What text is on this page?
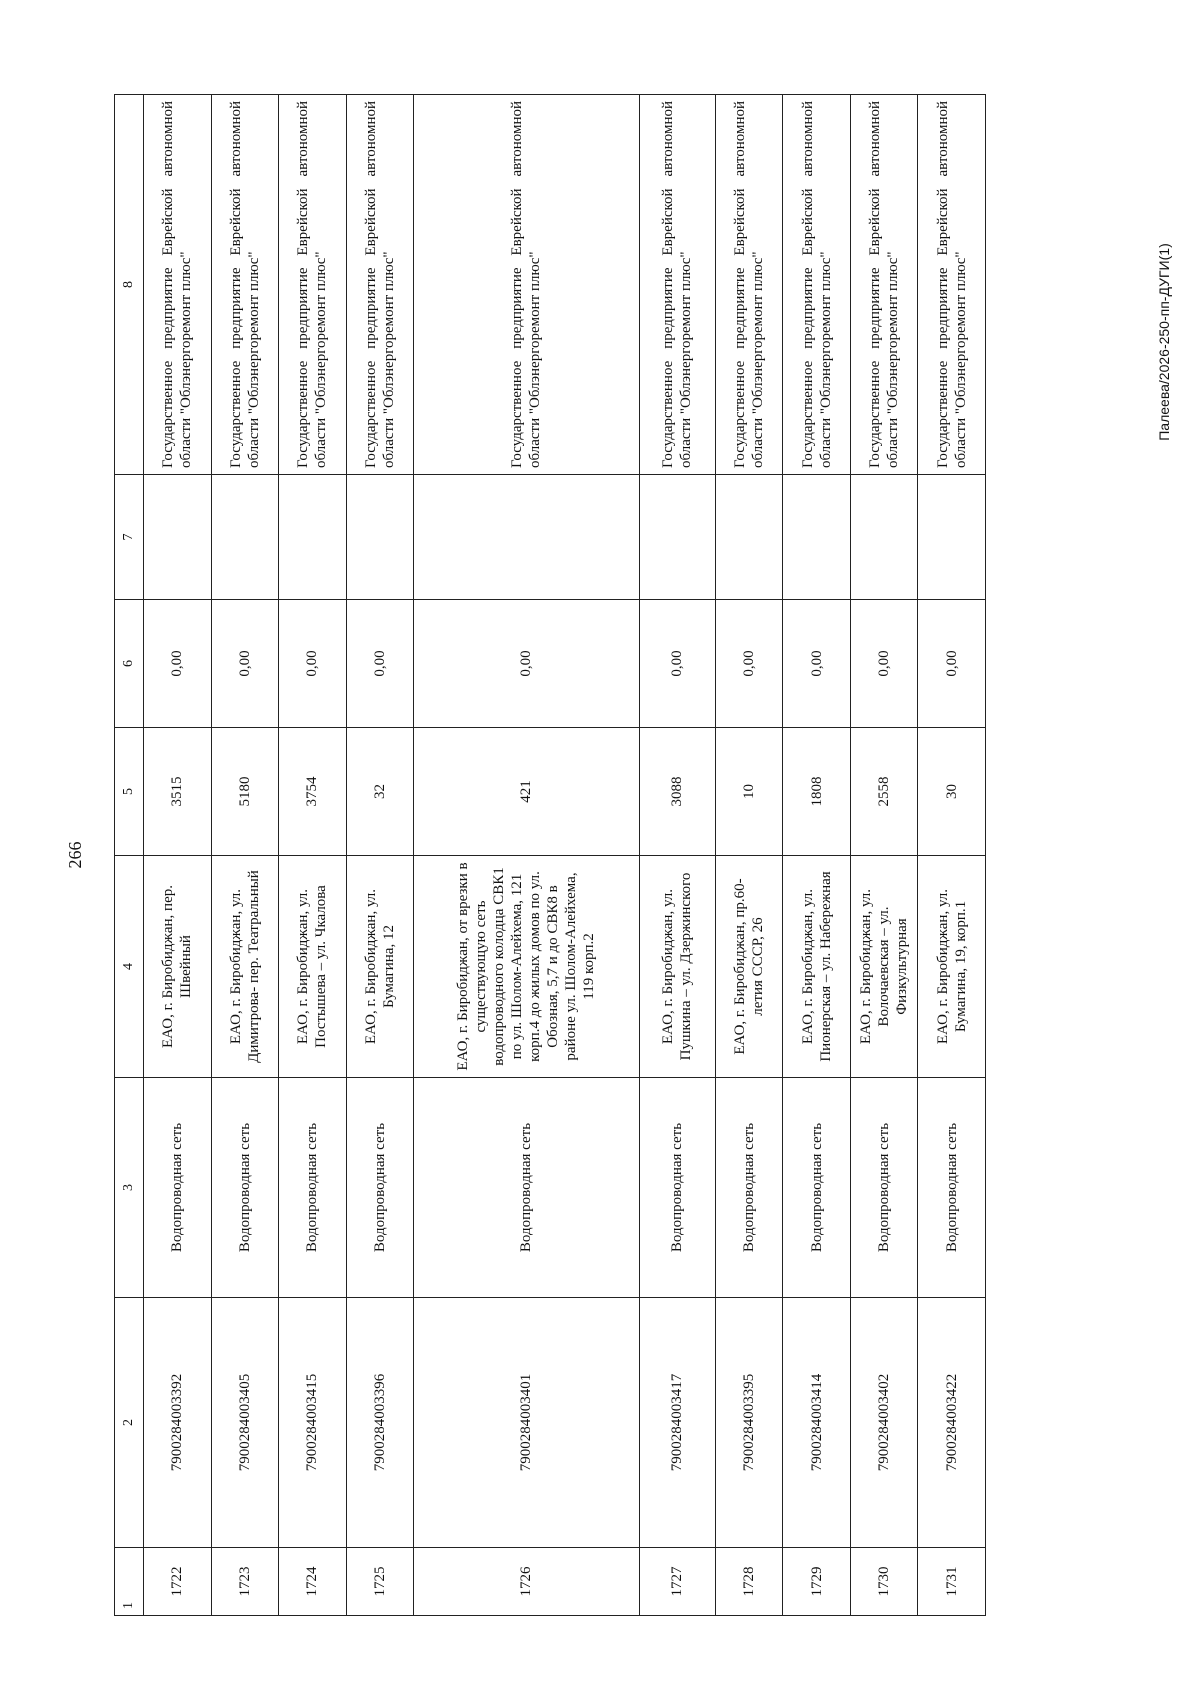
266
Палеева/2026-250-пп-ДУГИ(1)
1	2	3	4	5	6	7	8
1722	7900284003392	Водопроводная сеть	ЕАО, г. Биробиджан, пер. Швейный	3515	0,00		Государственное предприятие Еврейской автономной области "Облэнергоремонт плюс"
1723	7900284003405	Водопроводная сеть	ЕАО, г. Биробиджан, ул. Димитрова- пер. Театральный	5180	0,00		Государственное предприятие Еврейской автономной области "Облэнергоремонт плюс"
1724	7900284003415	Водопроводная сеть	ЕАО, г. Биробиджан, ул. Постышева – ул. Чкалова	3754	0,00		Государственное предприятие Еврейской автономной области "Облэнергоремонт плюс"
1725	7900284003396	Водопроводная сеть	ЕАО, г. Биробиджан, ул. Бумагина, 12	32	0,00		Государственное предприятие Еврейской автономной области "Облэнергоремонт плюс"
1726	7900284003401	Водопроводная сеть	ЕАО, г. Биробиджан, от врезки в существующую сеть водопроводного колодца СВК1 по ул. Шолом-Алейхема, 121 корп.4 до жилых домов по ул. Обозная, 5,7 и до СВК8 в районе ул. Шолом-Алейхема, 119 корп.2	421	0,00		Государственное предприятие Еврейской автономной области "Облэнергоремонт плюс"
1727	7900284003417	Водопроводная сеть	ЕАО, г. Биробиджан, ул. Пушкина – ул. Дзержинского	3088	0,00		Государственное предприятие Еврейской автономной области "Облэнергоремонт плюс"
1728	7900284003395	Водопроводная сеть	ЕАО, г. Биробиджан, пр.60-летия СССР, 26	10	0,00		Государственное предприятие Еврейской автономной области "Облэнергоремонт плюс"
1729	7900284003414	Водопроводная сеть	ЕАО, г. Биробиджан, ул. Пионерская – ул. Набережная	1808	0,00		Государственное предприятие Еврейской автономной области "Облэнергоремонт плюс"
1730	7900284003402	Водопроводная сеть	ЕАО, г. Биробиджан, ул. Волочаевская – ул. Физкультурная	2558	0,00		Государственное предприятие Еврейской автономной области "Облэнергоремонт плюс"
1731	7900284003422	Водопроводная сеть	ЕАО, г. Биробиджан, ул. Бумагина, 19, корп.1	30	0,00		Государственное предприятие Еврейской автономной области "Облэнергоремонт плюс"
